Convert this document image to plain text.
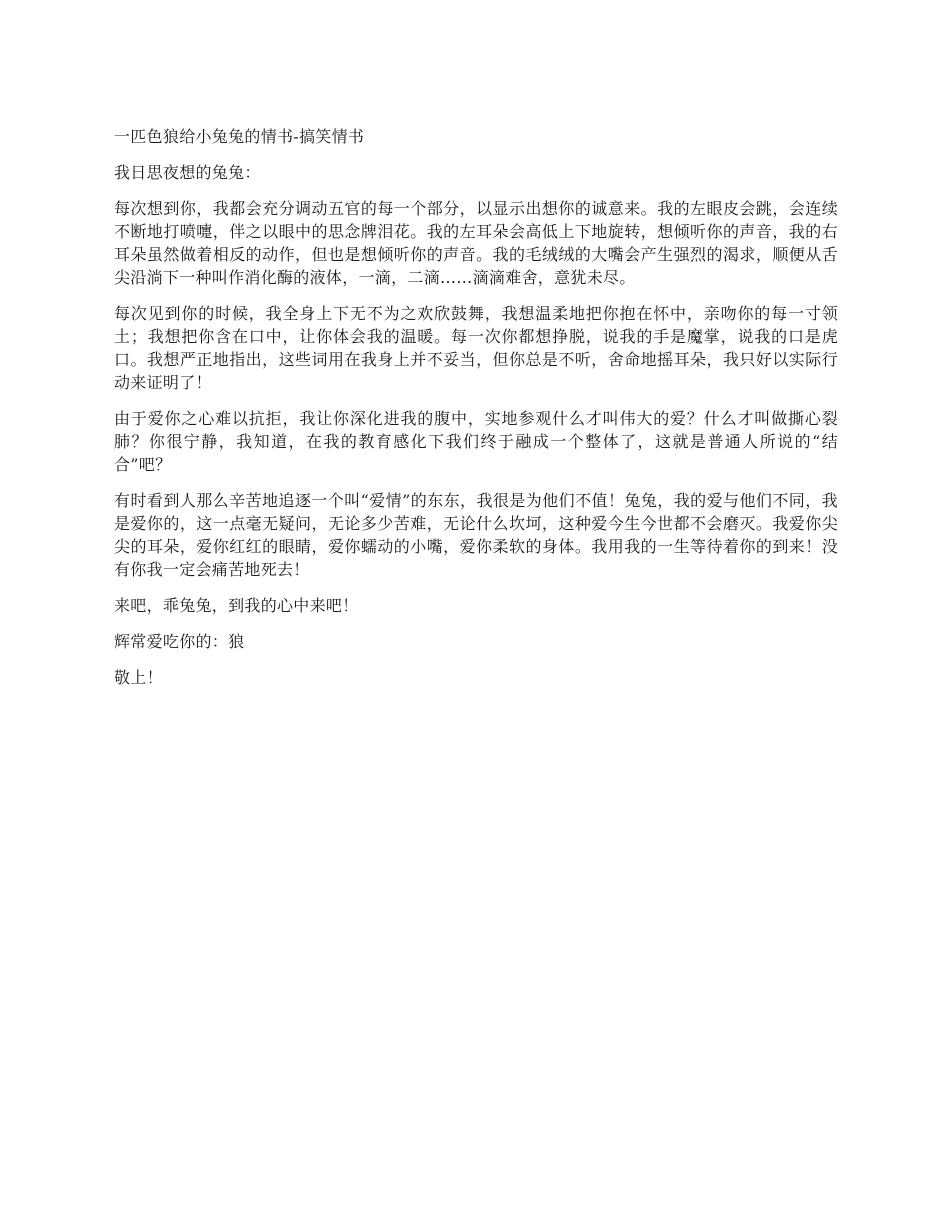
一匹色狼给小兔兔的情书-搞笑情书

我日思夜想的兔兔：

每次想到你，我都会充分调动五官的每一个部分，以显示出想你的诚意来。我的左眼皮会跳，会连续不断地打喷嚏，伴之以眼中的思念牌泪花。我的左耳朵会高低上下地旋转，想倾听你的声音，我的右耳朵虽然做着相反的动作，但也是想倾听你的声音。我的毛绒绒的大嘴会产生强烈的渴求，顺便从舌尖沿淌下一种叫作消化酶的液体，一滴，二滴……滴滴难舍，意犹未尽。

每次见到你的时候，我全身上下无不为之欢欣鼓舞，我想温柔地把你抱在怀中，亲吻你的每一寸领土；我想把你含在口中，让你体会我的温暖。每一次你都想挣脱，说我的手是魔掌，说我的口是虎口。我想严正地指出，这些词用在我身上并不妥当，但你总是不听，舍命地摇耳朵，我只好以实际行动来证明了！

由于爱你之心难以抗拒，我让你深化进我的腹中，实地参观什么才叫伟大的爱？什么才叫做撕心裂肺？你很宁静，我知道，在我的教育感化下我们终于融成一个整体了，这就是普通人所说的“结合”吧？

有时看到人那么辛苦地追逐一个叫“爱情”的东东，我很是为他们不值！兔兔，我的爱与他们不同，我是爱你的，这一点毫无疑问，无论多少苦难，无论什么坎坷，这种爱今生今世都不会磨灭。我爱你尖尖的耳朵，爱你红红的眼睛，爱你蠕动的小嘴，爱你柔软的身体。我用我的一生等待着你的到来！没有你我一定会痛苦地死去！

来吧，乖兔兔，到我的心中来吧！

辉常爱吃你的：狼

敬上！
